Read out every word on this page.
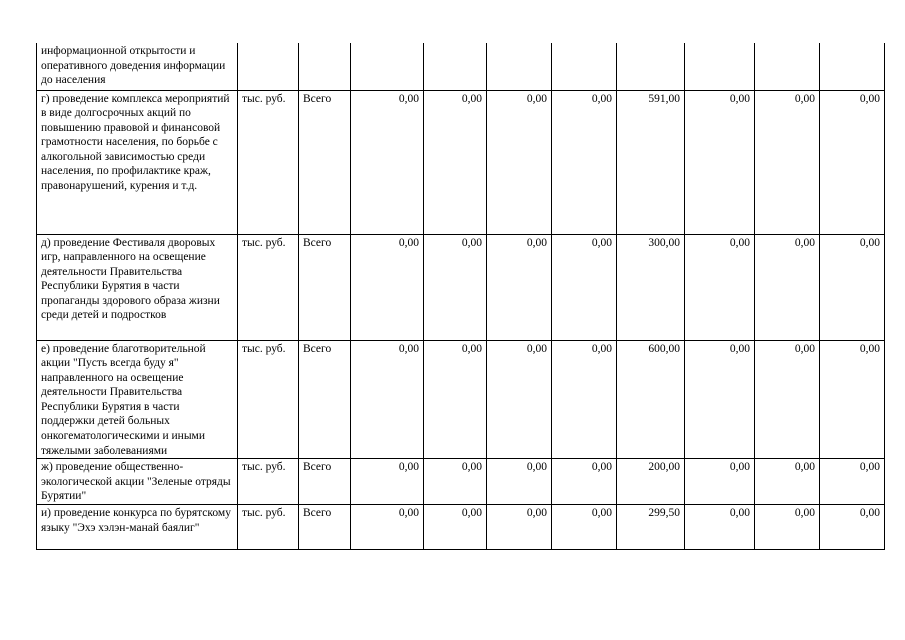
информационной открытости и оперативного доведения информации до населения										
г) проведение комплекса мероприятий в виде долгосрочных акций по повышению правовой и финансовой грамотности населения, по борьбе с алкогольной зависимостью среди населения, по профилактике краж, правонарушений, курения и т.д.	тыс. руб.	Всего	0,00	0,00	0,00	0,00	591,00	0,00	0,00	0,00
д) проведение Фестиваля дворовых игр, направленного на освещение деятельности Правительства Республики Бурятия в части пропаганды здорового образа жизни среди детей и подростков	тыс. руб.	Всего	0,00	0,00	0,00	0,00	300,00	0,00	0,00	0,00
е) проведение благотворительной акции "Пусть всегда буду я" направленного на освещение деятельности Правительства Республики Бурятия в части поддержки детей больных онкогематологическими и иными тяжелыми заболеваниями	тыс. руб.	Всего	0,00	0,00	0,00	0,00	600,00	0,00	0,00	0,00
ж) проведение общественно-экологической акции "Зеленые отряды Бурятии"	тыс. руб.	Всего	0,00	0,00	0,00	0,00	200,00	0,00	0,00	0,00
и) проведение конкурса по бурятскому языку "Эхэ хэлэн-манай баялиг"	тыс. руб.	Всего	0,00	0,00	0,00	0,00	299,50	0,00	0,00	0,00
